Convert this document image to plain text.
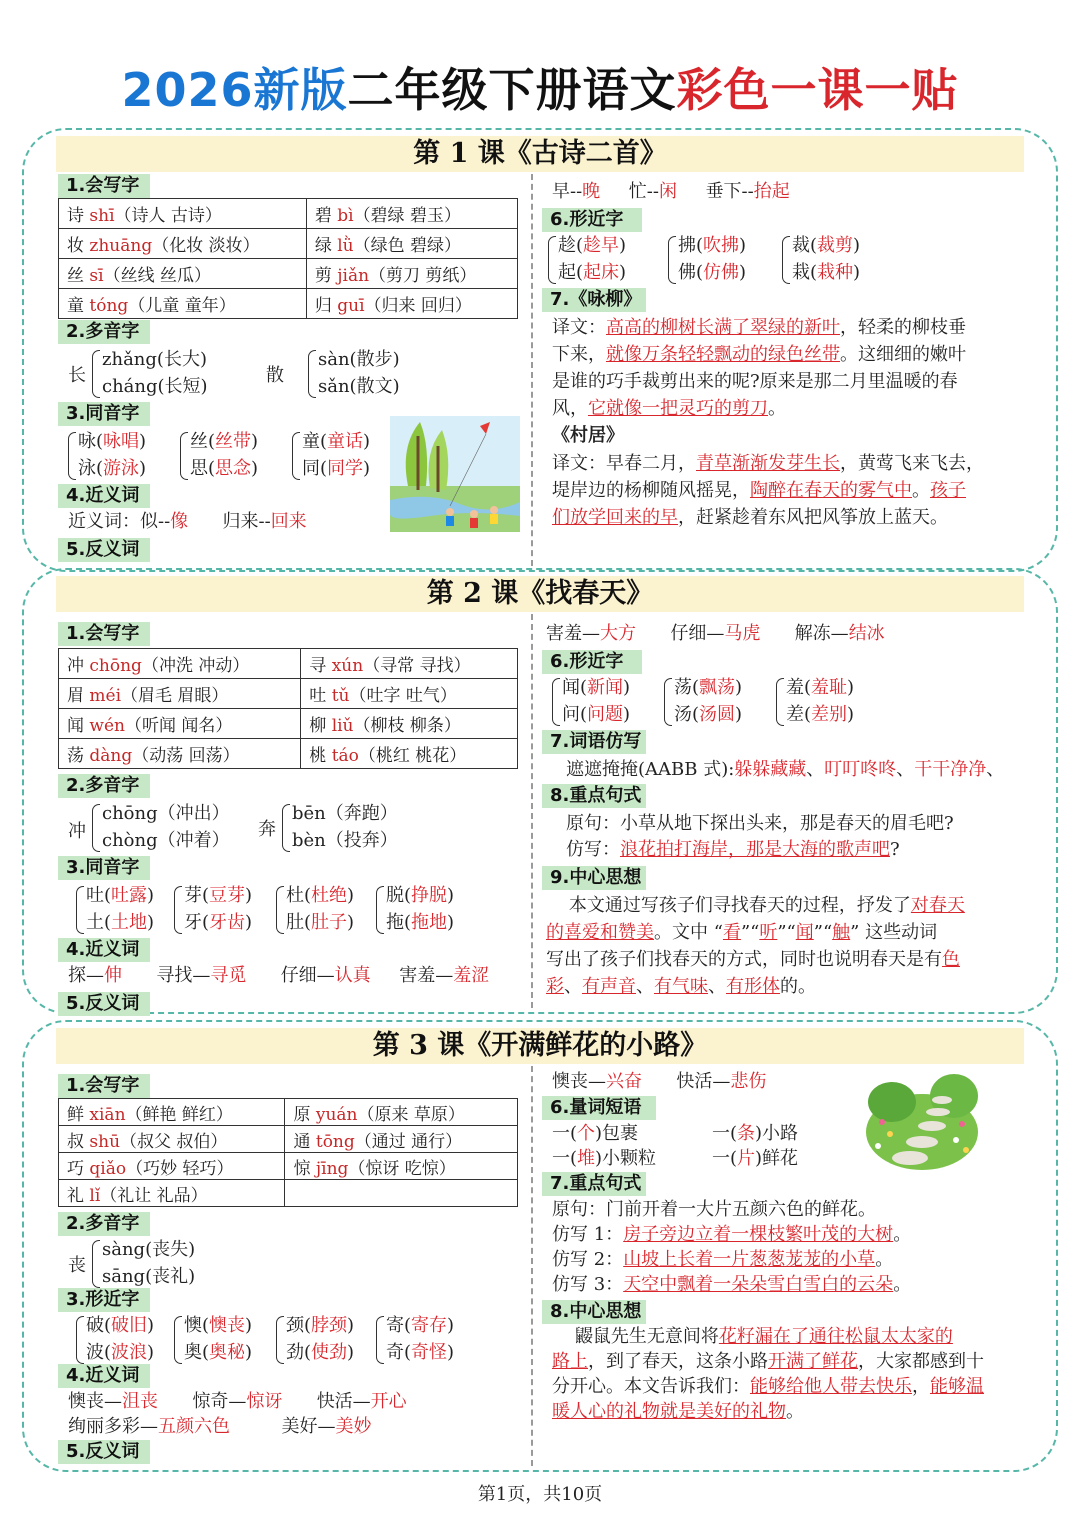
2026新版二年级下册语文彩色一课一贴
第 1 课《古诗二首》
1.会写字
诗 shī（诗人 古诗）	碧 bì（碧绿 碧玉）
妆 zhuāng（化妆 淡妆）	绿 lǜ（绿色 碧绿）
丝 sī（丝线 丝瓜）	剪 jiǎn（剪刀 剪纸）
童 tóng（儿童 童年）	归 guī（归来 回归）
2.多音字
长
zhǎng(长大)
cháng(长短)
散
sàn(散步)
sǎn(散文)
3.同音字
咏(咏唱)
泳(游泳)
丝(丝带)
思(思念)
童(童话)
同(同学)
4.近义词
近义词：似--像 归来--回来
5.反义词
早--晚 忙--闲 垂下--抬起
6.形近字
趁(趁早)
起(起床)
拂(吹拂)
佛(仿佛)
裁(裁剪)
栽(栽种)
7.《咏柳》
译文：高高的柳树长满了翠绿的新叶，轻柔的柳枝垂
下来，就像万条轻轻飘动的绿色丝带。这细细的嫩叶
是谁的巧手裁剪出来的呢?原来是那二月里温暖的春
风，它就像一把灵巧的剪刀。
《村居》
译文：早春二月，青草渐渐发芽生长，黄莺飞来飞去，
堤岸边的杨柳随风摇晃，陶醉在春天的雾气中。孩子
们放学回来的早，赶紧趁着东风把风筝放上蓝天。
第 2 课《找春天》
1.会写字
冲 chōng（冲洗 冲动）	寻 xún（寻常 寻找）
眉 méi（眉毛 眉眼）	吐 tǔ（吐字 吐气）
闻 wén（听闻 闻名）	柳 liǔ（柳枝 柳条）
荡 dàng（动荡 回荡）	桃 táo（桃红 桃花）
2.多音字
冲
chōng（冲出）
chòng（冲着）
奔
bēn（奔跑）
bèn（投奔）
3.同音字
吐(吐露)
土(土地)
芽(豆芽)
牙(牙齿)
杜(杜绝)
肚(肚子)
脱(挣脱)
拖(拖地)
4.近义词
探—伸 寻找—寻觅 仔细—认真 害羞—羞涩
5.反义词
害羞—大方 仔细—马虎 解冻—结冰
6.形近字
闻(新闻)
问(问题)
荡(飘荡)
汤(汤圆)
羞(羞耻)
差(差别)
7.词语仿写
遮遮掩掩(AABB 式):躲躲藏藏、叮叮咚咚、干干净净、
8.重点句式
原句：小草从地下探出头来，那是春天的眉毛吧?
仿写：浪花拍打海岸，那是大海的歌声吧?
9.中心思想
本文通过写孩子们寻找春天的过程，抒发了对春天
的喜爱和赞美。文中 “看”“听”“闻”“触” 这些动词
写出了孩子们找春天的方式，同时也说明春天是有色
彩、有声音、有气味、有形体的。
第 3 课《开满鲜花的小路》
1.会写字
鲜 xiān（鲜艳 鲜红）	原 yuán（原来 草原）
叔 shū（叔父 叔伯）	通 tōng（通过 通行）
巧 qiǎo（巧妙 轻巧）	惊 jīng（惊讶 吃惊）
礼 lǐ（礼让 礼品）	
2.多音字
丧
sàng(丧失)
sāng(丧礼)
3.形近字
破(破旧)
波(波浪)
懊(懊丧)
奥(奥秘)
颈(脖颈)
劲(使劲)
寄(寄存)
奇(奇怪)
4.近义词
懊丧—沮丧 惊奇—惊讶 快活—开心
绚丽多彩—五颜六色	美好—美妙
5.反义词
懊丧—兴奋 快活—悲伤
6.量词短语
一(个)包裹	一(条)小路
一(堆)小颗粒	一(片)鲜花
7.重点句式
原句：门前开着一大片五颜六色的鲜花。
仿写 1：房子旁边立着一棵枝繁叶茂的大树。
仿写 2：山坡上长着一片葱葱茏茏的小草。
仿写 3：天空中飘着一朵朵雪白雪白的云朵。
8.中心思想
鼹鼠先生无意间将花籽漏在了通往松鼠太太家的
路上，到了春天，这条小路开满了鲜花，大家都感到十
分开心。本文告诉我们：能够给他人带去快乐，能够温
暖人心的礼物就是美好的礼物。
第1页，共10页
